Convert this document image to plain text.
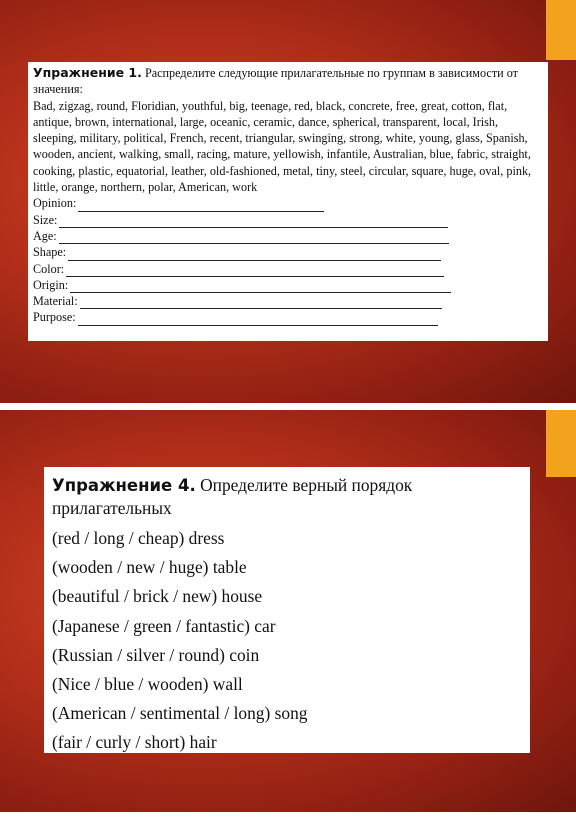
Упражнение 1. Распределите следующие прилагательные по группам в зависимости от значения:
Bad, zigzag, round, Floridian, youthful, big, teenage, red, black, concrete, free, great, cotton, flat, antique, brown, international, large, oceanic, ceramic, dance, spherical, transparent, local, Irish, sleeping, military, political, French, recent, triangular, swinging, strong, white, young, glass, Spanish, wooden, ancient, walking, small, racing, mature, yellowish, infantile, Australian, blue, fabric, straight, cooking, plastic, equatorial, leather, old-fashioned, metal, tiny, steel, circular, square, huge, oval, pink, little, orange, northern, polar, American, work
Opinion:
Size:
Age:
Shape:
Color:
Origin:
Material:
Purpose:
Упражнение 4. Определите верный порядок прилагательных
(red / long / cheap) dress
(wooden / new / huge) table
(beautiful / brick / new) house
(Japanese / green / fantastic) car
(Russian / silver / round) coin
(Nice / blue / wooden) wall
(American / sentimental / long) song
(fair / curly / short) hair
